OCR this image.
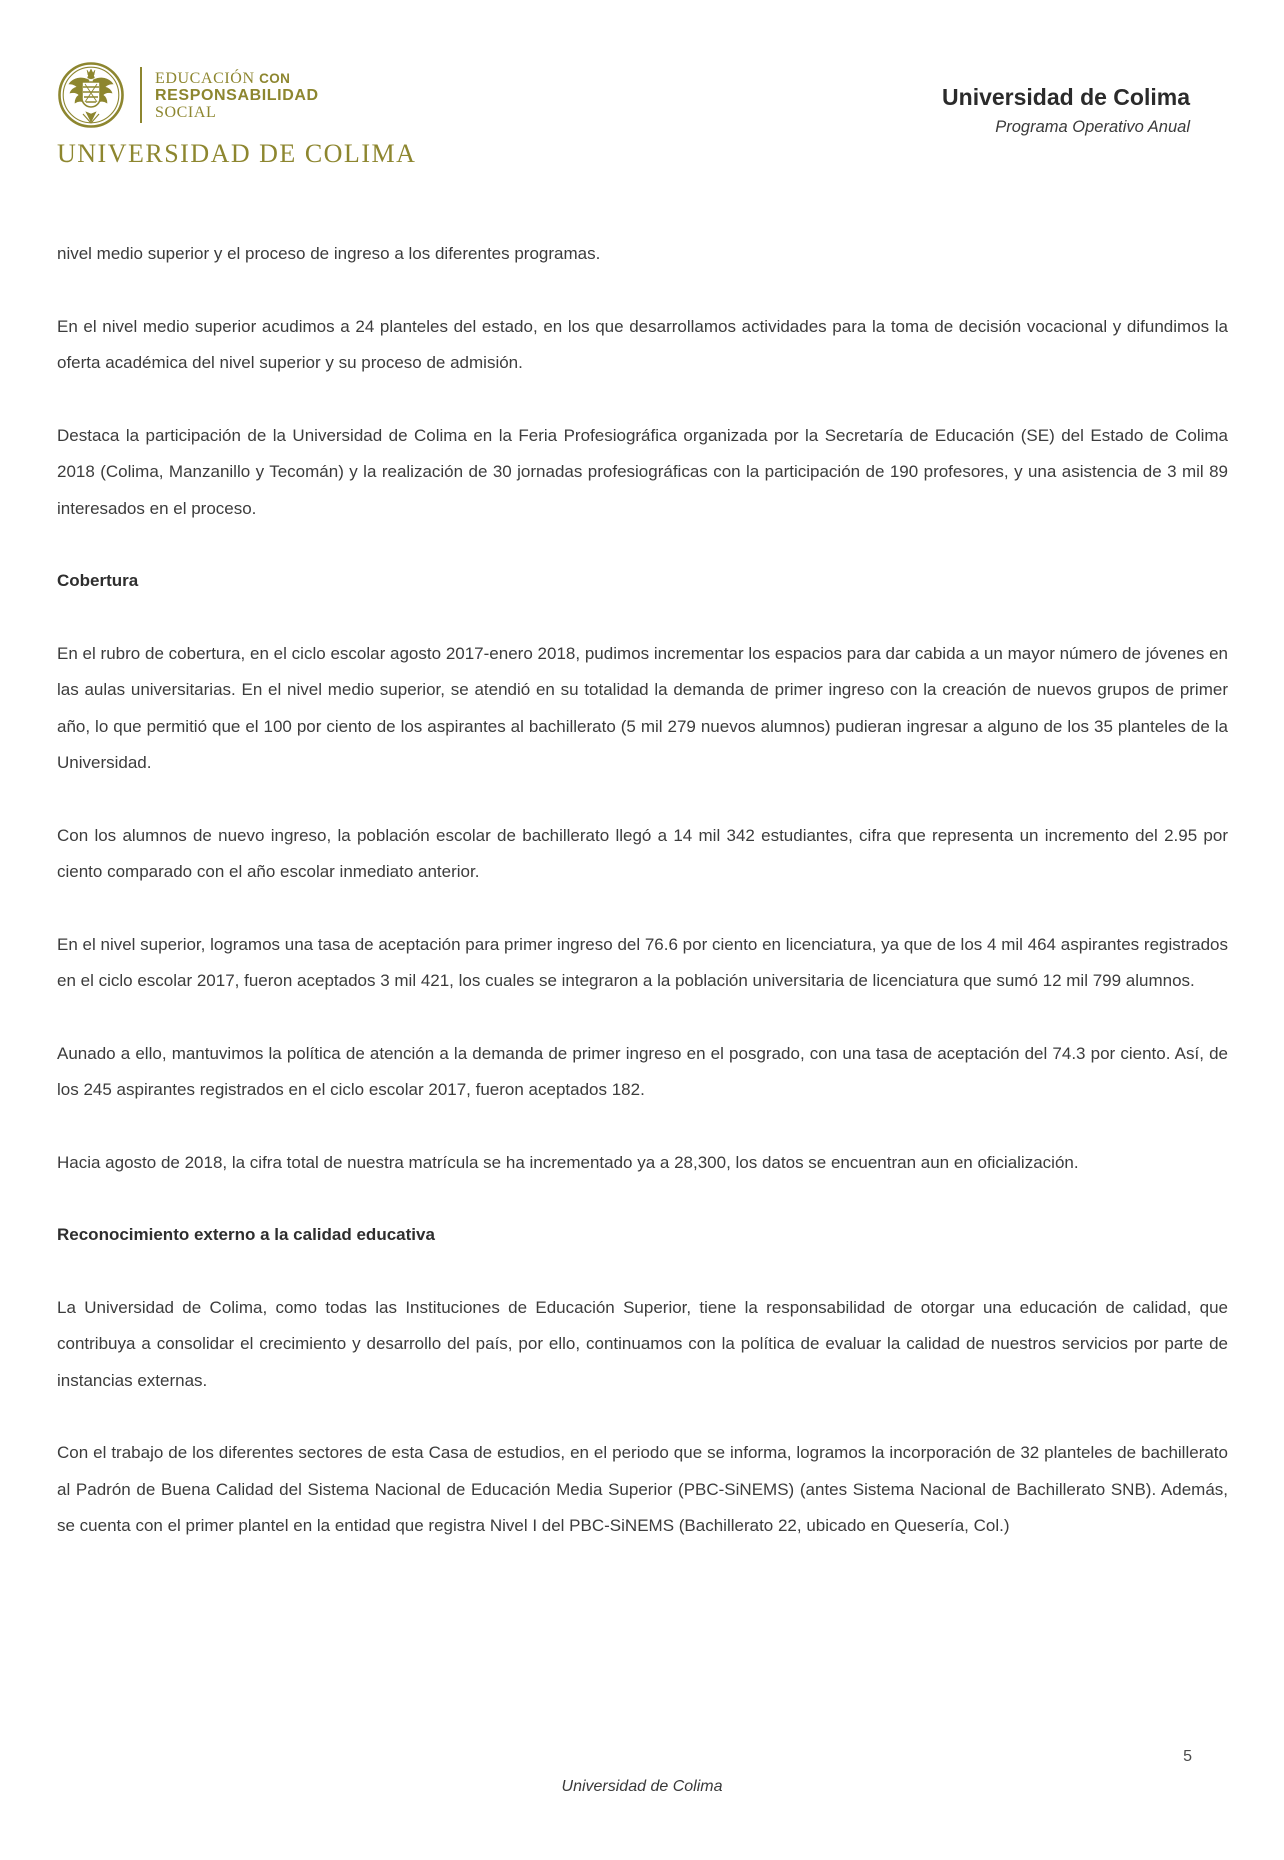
EDUCACIÓN CON
RESPONSABILIDAD
SOCIAL
UNIVERSIDAD DE COLIMA
Universidad de Colima
Programa Operativo Anual

nivel medio superior y el proceso de ingreso a los diferentes programas.

En el nivel medio superior acudimos a 24 planteles del estado, en los que desarrollamos actividades para la toma de decisión vocacional y difundimos la oferta académica del nivel superior y su proceso de admisión.

Destaca la participación de la Universidad de Colima en la Feria Profesiográfica organizada por la Secretaría de Educación (SE) del Estado de Colima 2018 (Colima, Manzanillo y Tecomán) y la realización de 30 jornadas profesiográficas con la participación de 190 profesores, y una asistencia de 3 mil 89 interesados en el proceso.

Cobertura

En el rubro de cobertura, en el ciclo escolar agosto 2017-enero 2018, pudimos incrementar los espacios para dar cabida a un mayor número de jóvenes en las aulas universitarias. En el nivel medio superior, se atendió en su totalidad la demanda de primer ingreso con la creación de nuevos grupos de primer año, lo que permitió que el 100 por ciento de los aspirantes al bachillerato (5 mil 279 nuevos alumnos) pudieran ingresar a alguno de los 35 planteles de la Universidad.

Con los alumnos de nuevo ingreso, la población escolar de bachillerato llegó a 14 mil 342 estudiantes, cifra que representa un incremento del 2.95 por ciento comparado con el año escolar inmediato anterior.

En el nivel superior, logramos una tasa de aceptación para primer ingreso del 76.6 por ciento en licenciatura, ya que de los 4 mil 464 aspirantes registrados en el ciclo escolar 2017, fueron aceptados 3 mil 421, los cuales se integraron a la población universitaria de licenciatura que sumó 12 mil 799 alumnos.

Aunado a ello, mantuvimos la política de atención a la demanda de primer ingreso en el posgrado, con una tasa de aceptación del 74.3 por ciento. Así, de los 245 aspirantes registrados en el ciclo escolar 2017, fueron aceptados 182.

Hacia agosto de 2018, la cifra total de nuestra matrícula se ha incrementado ya a 28,300, los datos se encuentran aun en oficialización.

Reconocimiento externo a la calidad educativa

La Universidad de Colima, como todas las Instituciones de Educación Superior, tiene la responsabilidad de otorgar una educación de calidad, que contribuya a consolidar el crecimiento y desarrollo del país, por ello, continuamos con la política de evaluar la calidad de nuestros servicios por parte de instancias externas.

Con el trabajo de los diferentes sectores de esta Casa de estudios, en el periodo que se informa, logramos la incorporación de 32 planteles de bachillerato al Padrón de Buena Calidad del Sistema Nacional de Educación Media Superior (PBC-SiNEMS) (antes Sistema Nacional de Bachillerato SNB). Además, se cuenta con el primer plantel en la entidad que registra Nivel I del PBC-SiNEMS (Bachillerato 22, ubicado en Quesería, Col.)

5
Universidad de Colima
